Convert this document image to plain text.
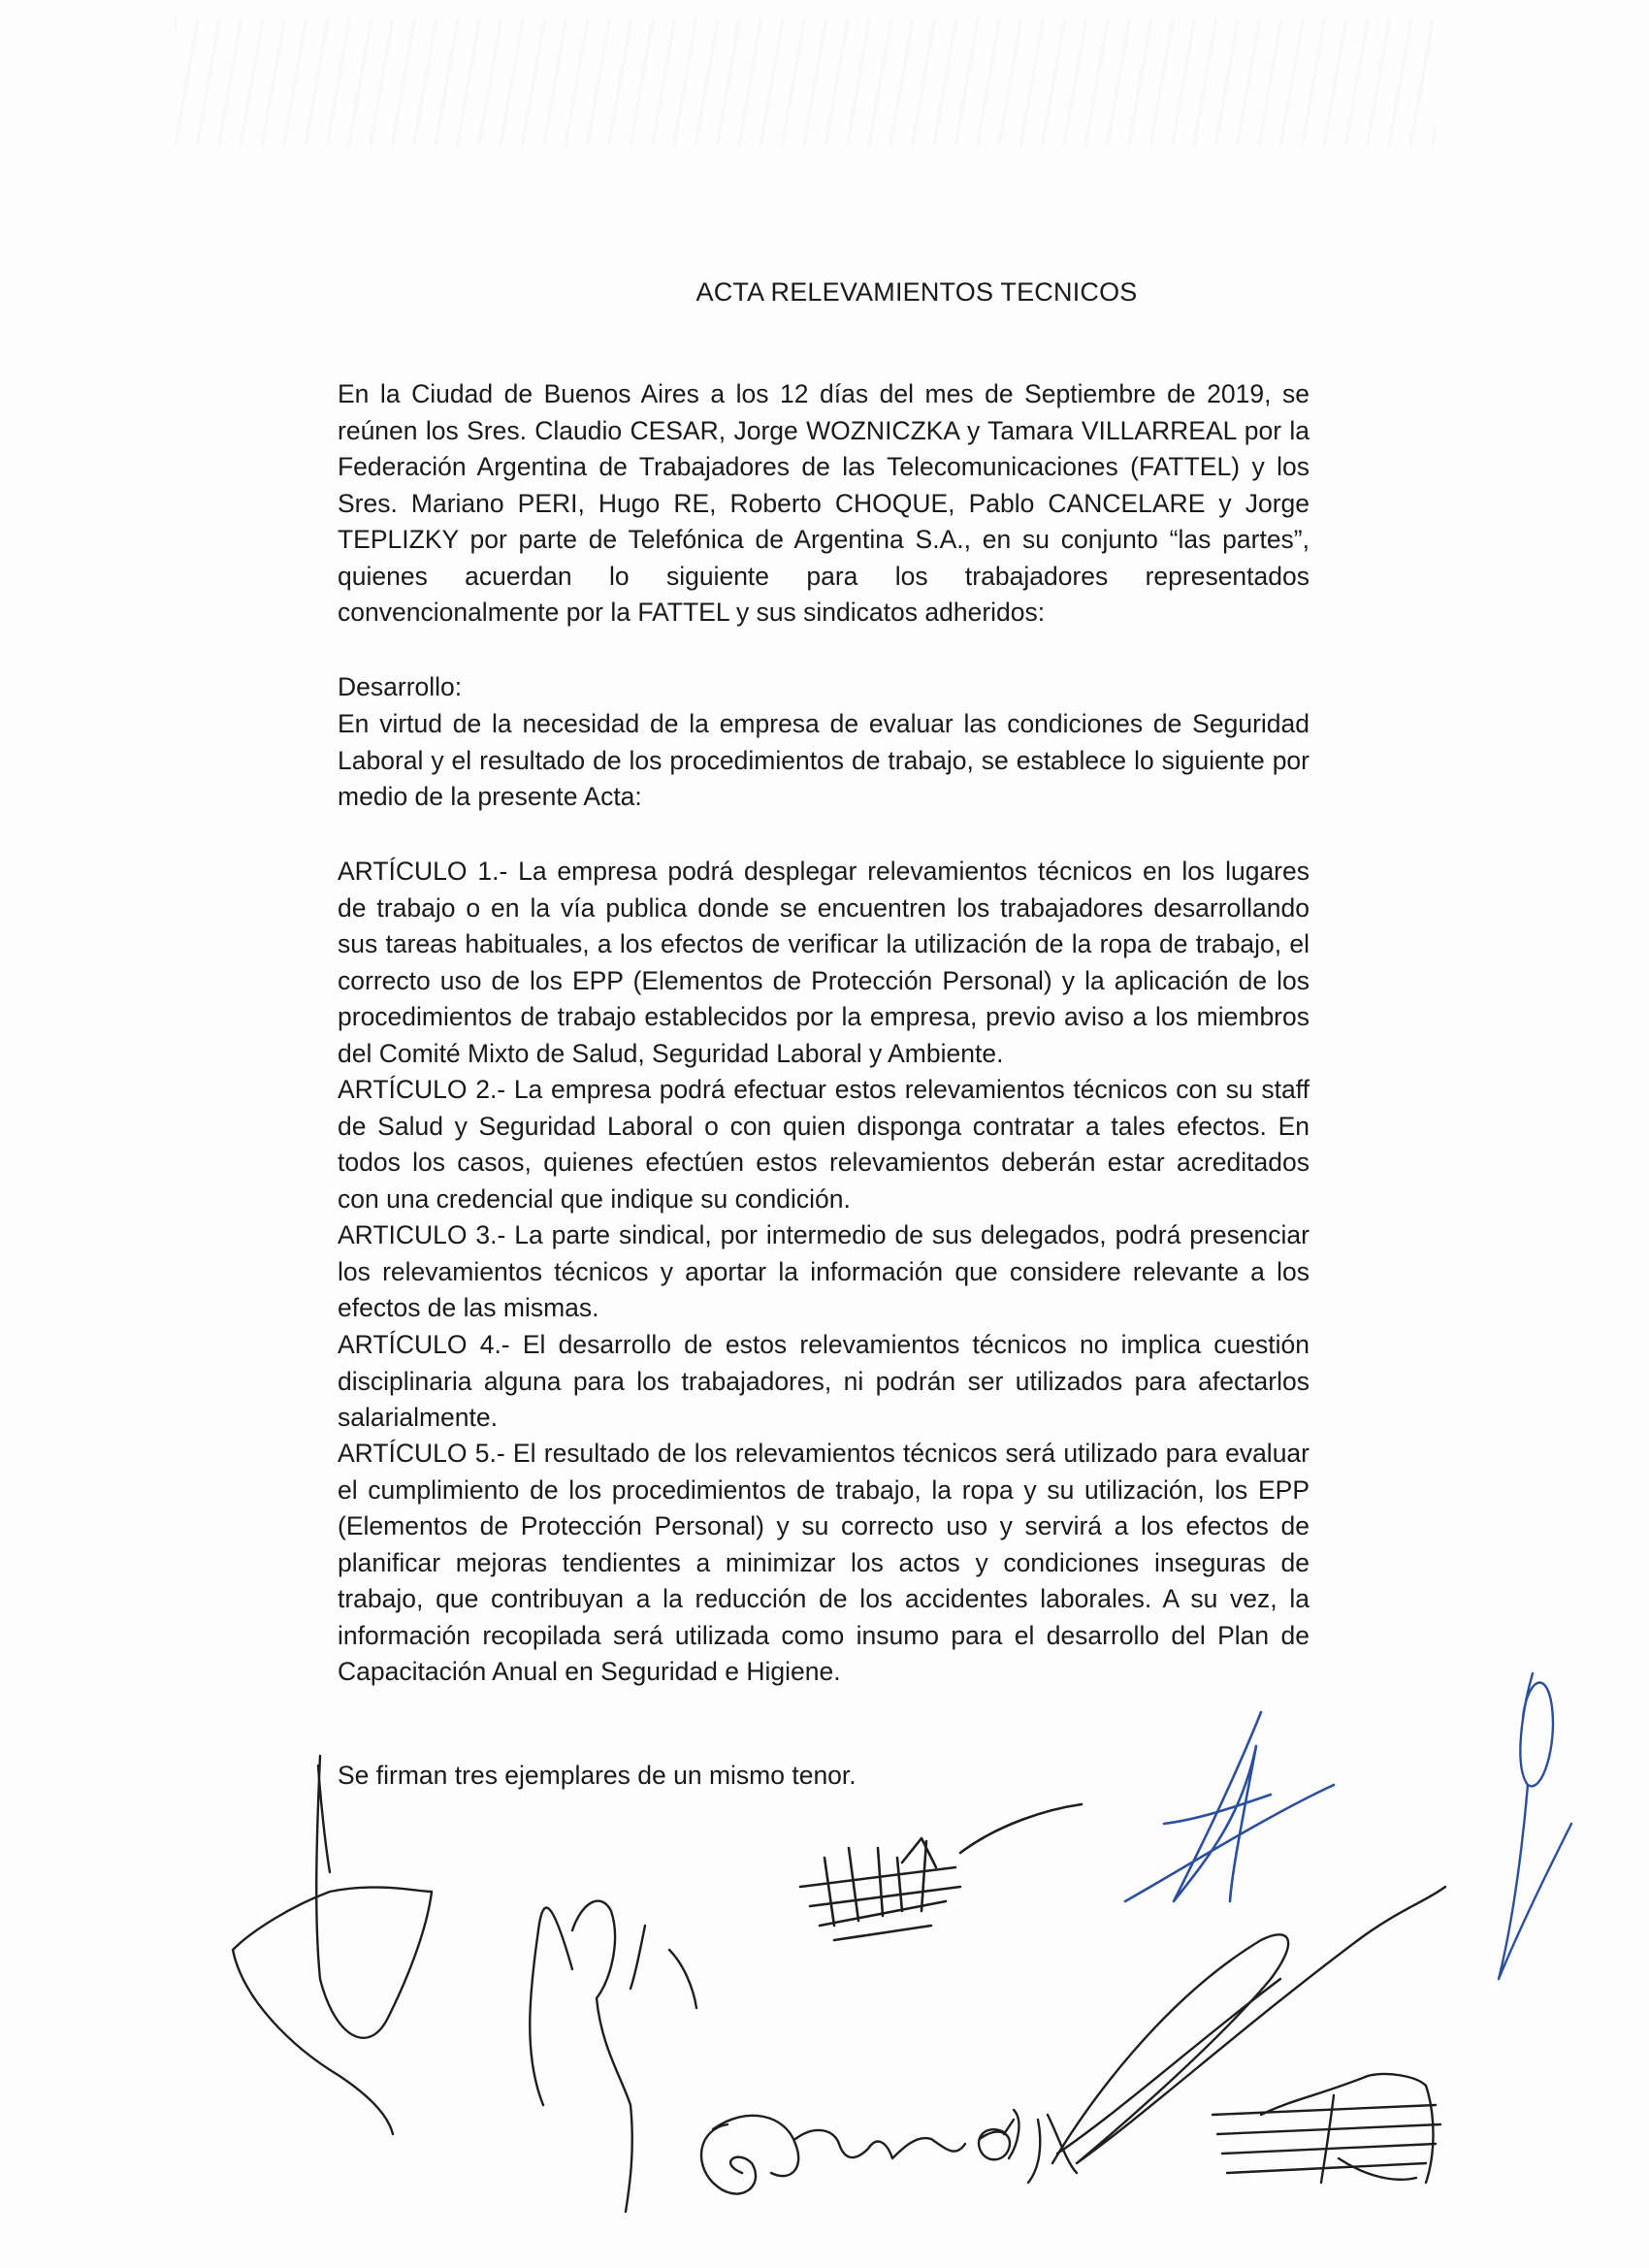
ACTA RELEVAMIENTOS TECNICOS

En la Ciudad de Buenos Aires a los 12 días del mes de Septiembre de 2019, se reúnen los Sres. Claudio CESAR, Jorge WOZNICZKA y Tamara VILLARREAL por la Federación Argentina de Trabajadores de las Telecomunicaciones (FATTEL) y los Sres. Mariano PERI, Hugo RE, Roberto CHOQUE, Pablo CANCELARE y Jorge TEPLIZKY por parte de Telefónica de Argentina S.A., en su conjunto “las partes”, quienes acuerdan lo siguiente para los trabajadores representados convencionalmente por la FATTEL y sus sindicatos adheridos:

Desarrollo:

En virtud de la necesidad de la empresa de evaluar las condiciones de Seguridad Laboral y el resultado de los procedimientos de trabajo, se establece lo siguiente por medio de la presente Acta:

ARTÍCULO 1.- La empresa podrá desplegar relevamientos técnicos en los lugares de trabajo o en la vía publica donde se encuentren los trabajadores desarrollando sus tareas habituales, a los efectos de verificar la utilización de la ropa de trabajo, el correcto uso de los EPP (Elementos de Protección Personal) y la aplicación de los procedimientos de trabajo establecidos por la empresa, previo aviso a los miembros del Comité Mixto de Salud, Seguridad Laboral y Ambiente.

ARTÍCULO 2.- La empresa podrá efectuar estos relevamientos técnicos con su staff de Salud y Seguridad Laboral o con quien disponga contratar a tales efectos. En todos los casos, quienes efectúen estos relevamientos deberán estar acreditados con una credencial que indique su condición.

ARTICULO 3.- La parte sindical, por intermedio de sus delegados, podrá presenciar los relevamientos técnicos y aportar la información que considere relevante a los efectos de las mismas.

ARTÍCULO 4.- El desarrollo de estos relevamientos técnicos no implica cuestión disciplinaria alguna para los trabajadores, ni podrán ser utilizados para afectarlos salarialmente.

ARTÍCULO 5.- El resultado de los relevamientos técnicos será utilizado para evaluar el cumplimiento de los procedimientos de trabajo, la ropa y su utilización, los EPP (Elementos de Protección Personal) y su correcto uso y servirá a los efectos de planificar mejoras tendientes a minimizar los actos y condiciones inseguras de trabajo, que contribuyan a la reducción de los accidentes laborales. A su vez, la información recopilada será utilizada como insumo para el desarrollo del Plan de Capacitación Anual en Seguridad e Higiene.

Se firman tres ejemplares de un mismo tenor.
